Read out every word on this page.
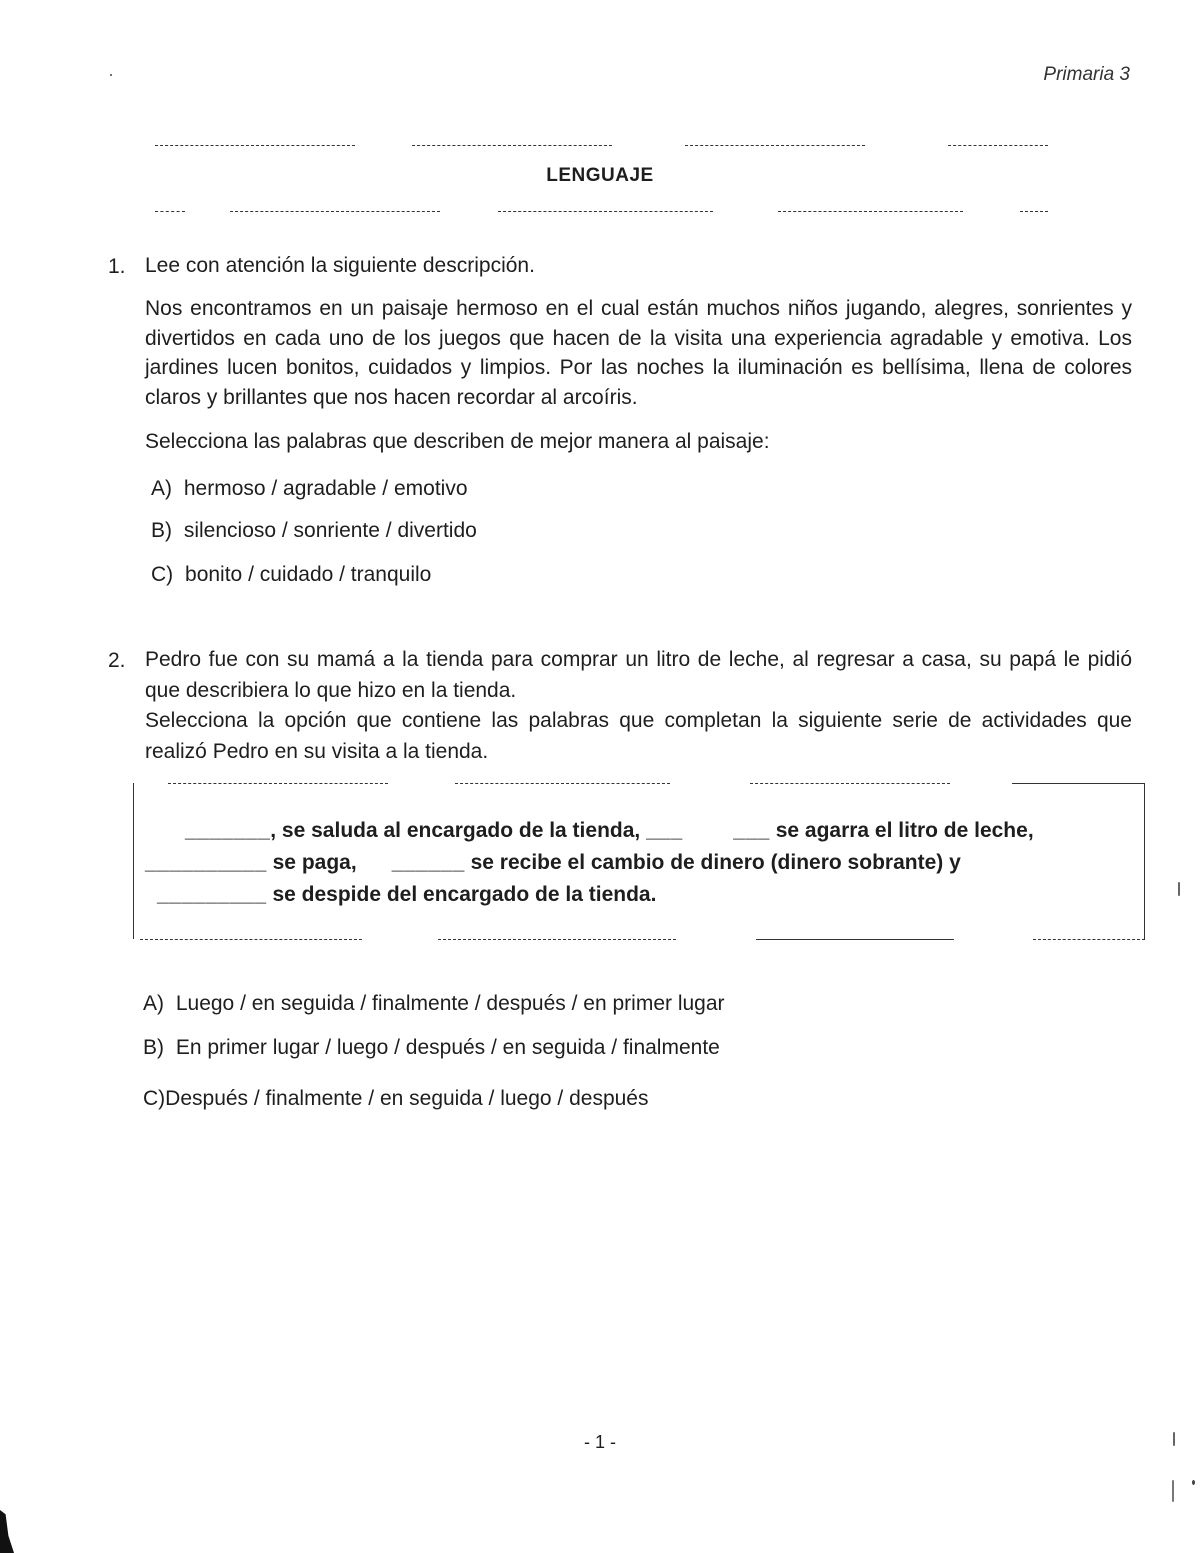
Primaria 3
LENGUAJE
1. Lee con atención la siguiente descripción.
Nos encontramos en un paisaje hermoso en el cual están muchos niños jugando, alegres, sonrientes y divertidos en cada uno de los juegos que hacen de la visita una experiencia agradable y emotiva. Los jardines lucen bonitos, cuidados y limpios. Por las noches la iluminación es bellísima, llena de colores claros y brillantes que nos hacen recordar al arcoíris.
Selecciona las palabras que describen de mejor manera al paisaje:
A) hermoso / agradable / emotivo
B) silencioso / sonriente / divertido
C) bonito / cuidado / tranquilo
2. Pedro fue con su mamá a la tienda para comprar un litro de leche, al regresar a casa, su papá le pidió que describiera lo que hizo en la tienda.
Selecciona la opción que contiene las palabras que completan la siguiente serie de actividades que realizó Pedro en su visita a la tienda.
_______, se saluda al encargado de la tienda, ___        ___ se agarra el litro de leche,
__________ se paga, ______ se recibe el cambio de dinero (dinero sobrante) y
_________ se despide del encargado de la tienda.
A) Luego / en seguida / finalmente / después / en primer lugar
B) En primer lugar / luego / después / en seguida / finalmente
C)Después / finalmente / en seguida / luego / después
- 1 -
